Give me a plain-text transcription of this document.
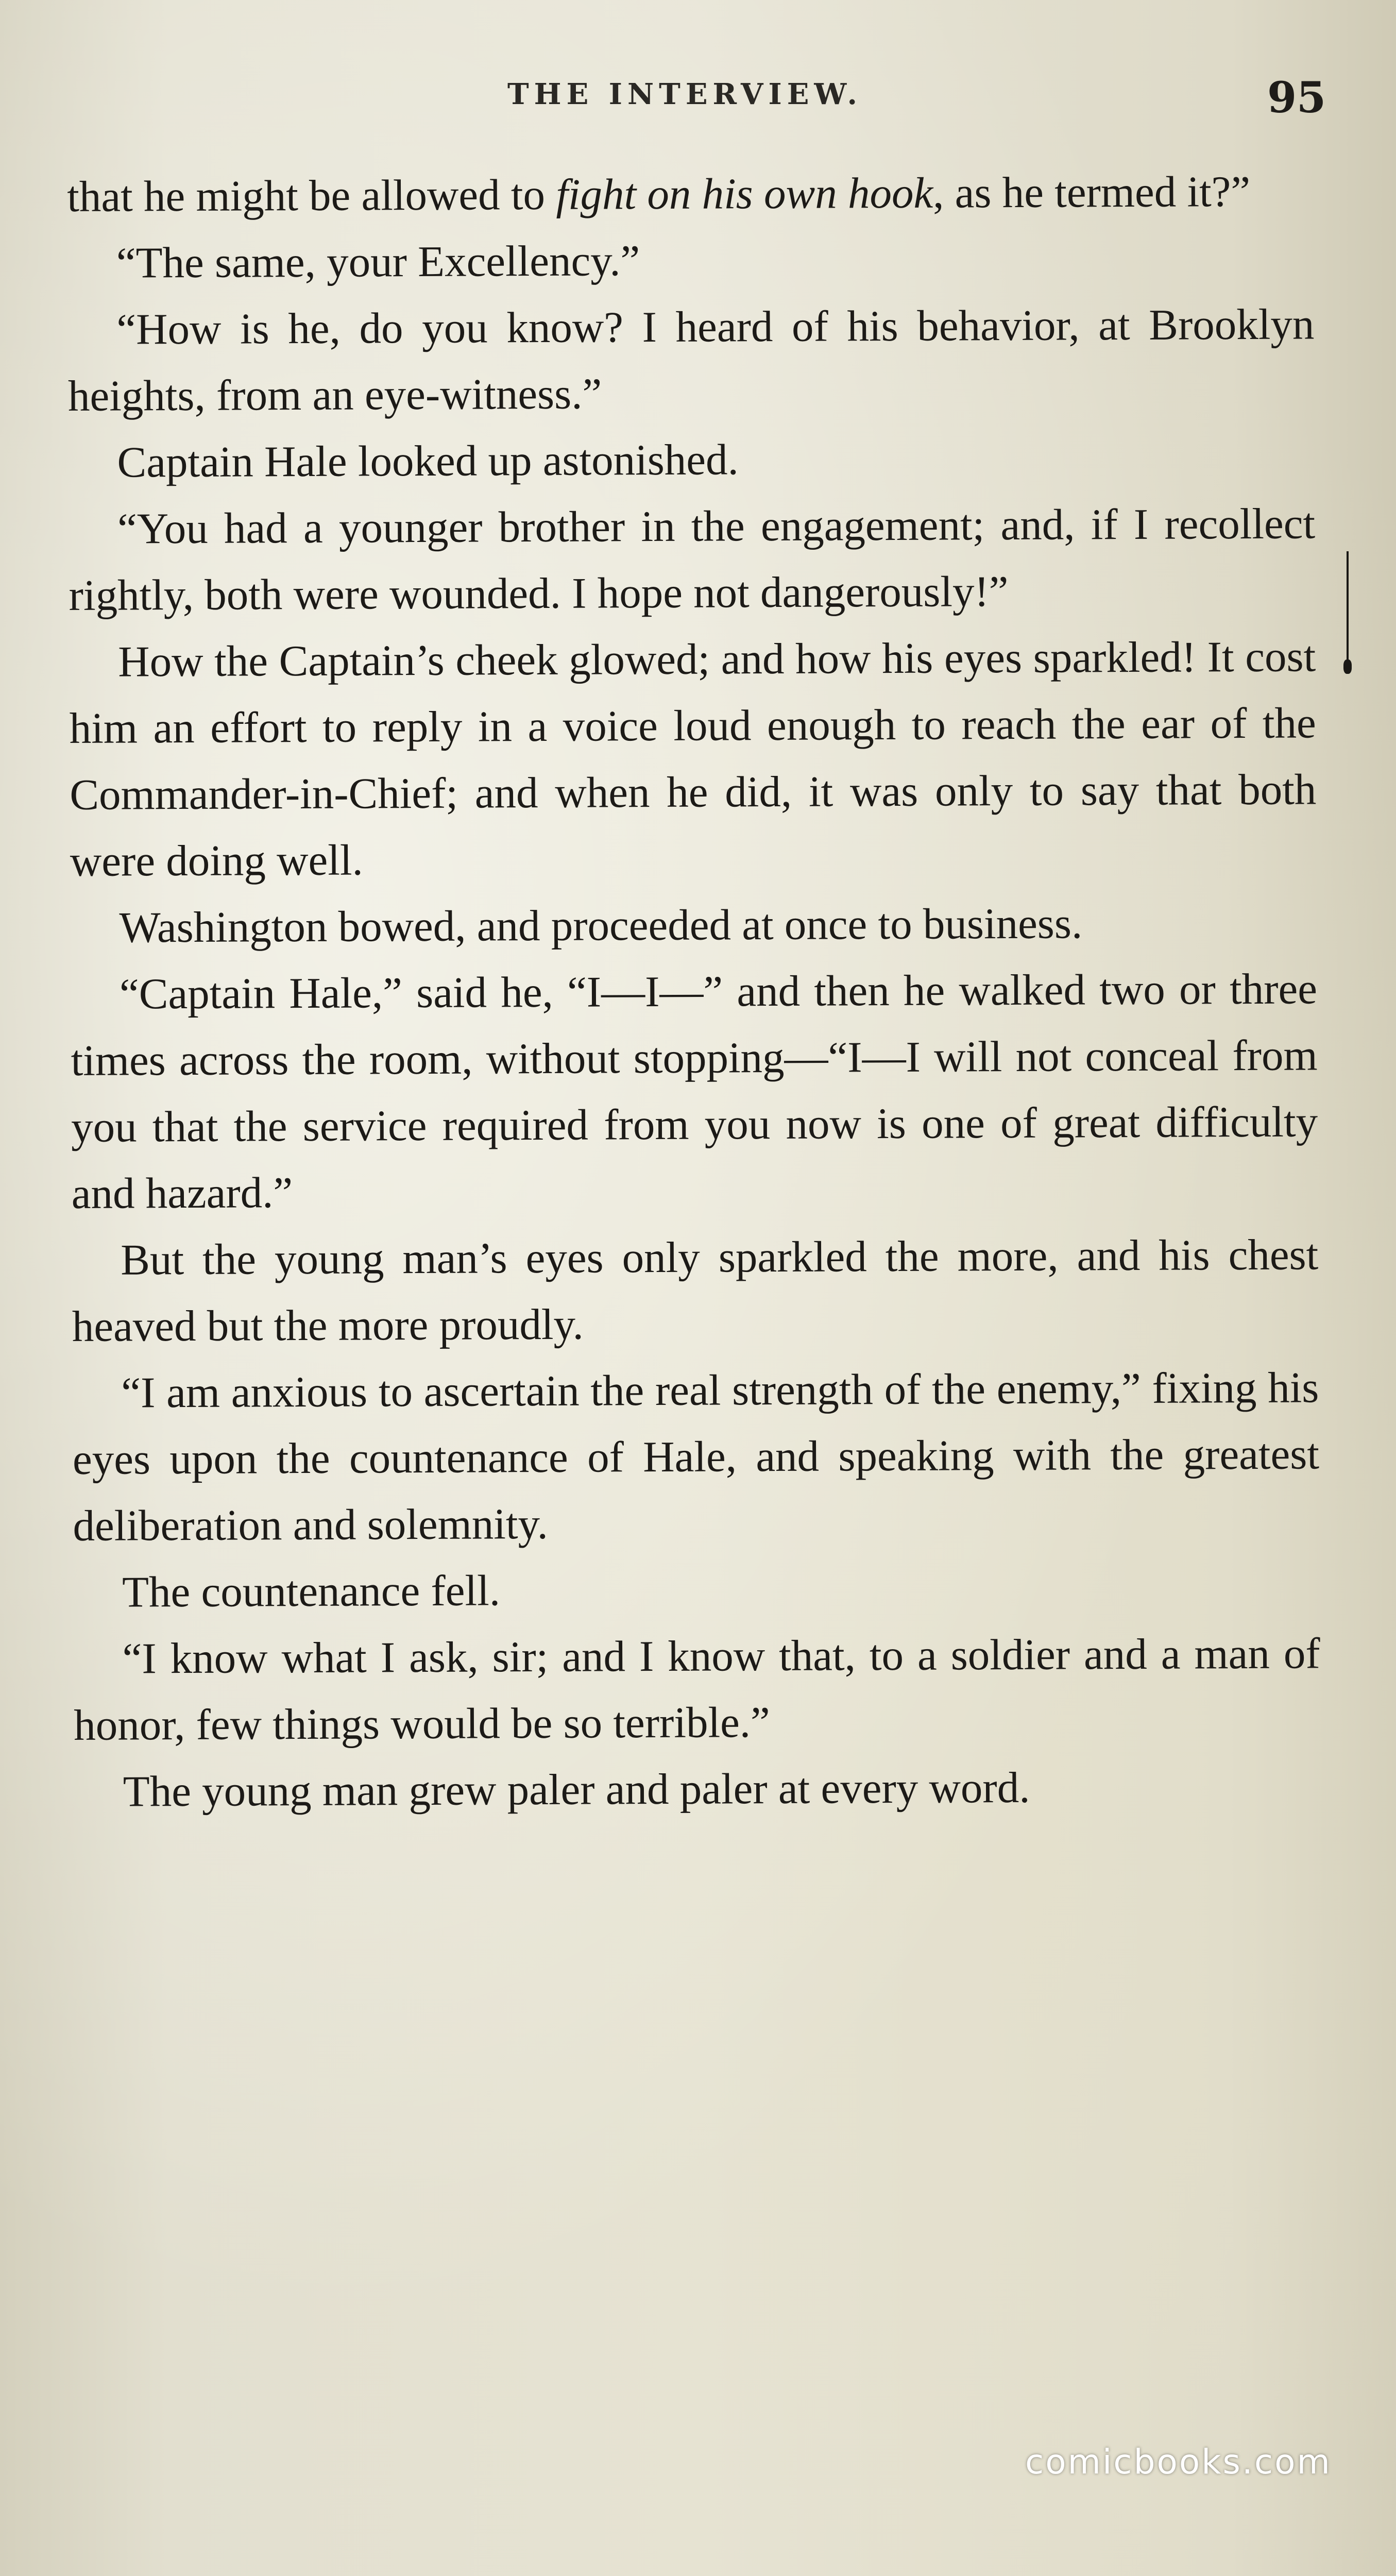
THE INTERVIEW.	95

that he might be allowed to fight on his own hook, as he termed it?”

“The same, your Excellency.”

“How is he, do you know? I heard of his behavior, at Brooklyn heights, from an eye-witness.”

Captain Hale looked up astonished.

“You had a younger brother in the engagement; and, if I recollect rightly, both were wounded. I hope not dangerously!”

How the Captain’s cheek glowed; and how his eyes sparkled! It cost him an effort to reply in a voice loud enough to reach the ear of the Commander-in-Chief; and when he did, it was only to say that both were doing well.

Washington bowed, and proceeded at once to business.

“Captain Hale,” said he, “I—I—” and then he walked two or three times across the room, without stopping—“I—I will not conceal from you that the service required from you now is one of great difficulty and hazard.”

But the young man’s eyes only sparkled the more, and his chest heaved but the more proudly.

“I am anxious to ascertain the real strength of the enemy,” fixing his eyes upon the countenance of Hale, and speaking with the greatest deliberation and solemnity.

The countenance fell.

“I know what I ask, sir; and I know that, to a soldier and a man of honor, few things would be so terrible.”

The young man grew paler and paler at every word.

comicbooks.com
